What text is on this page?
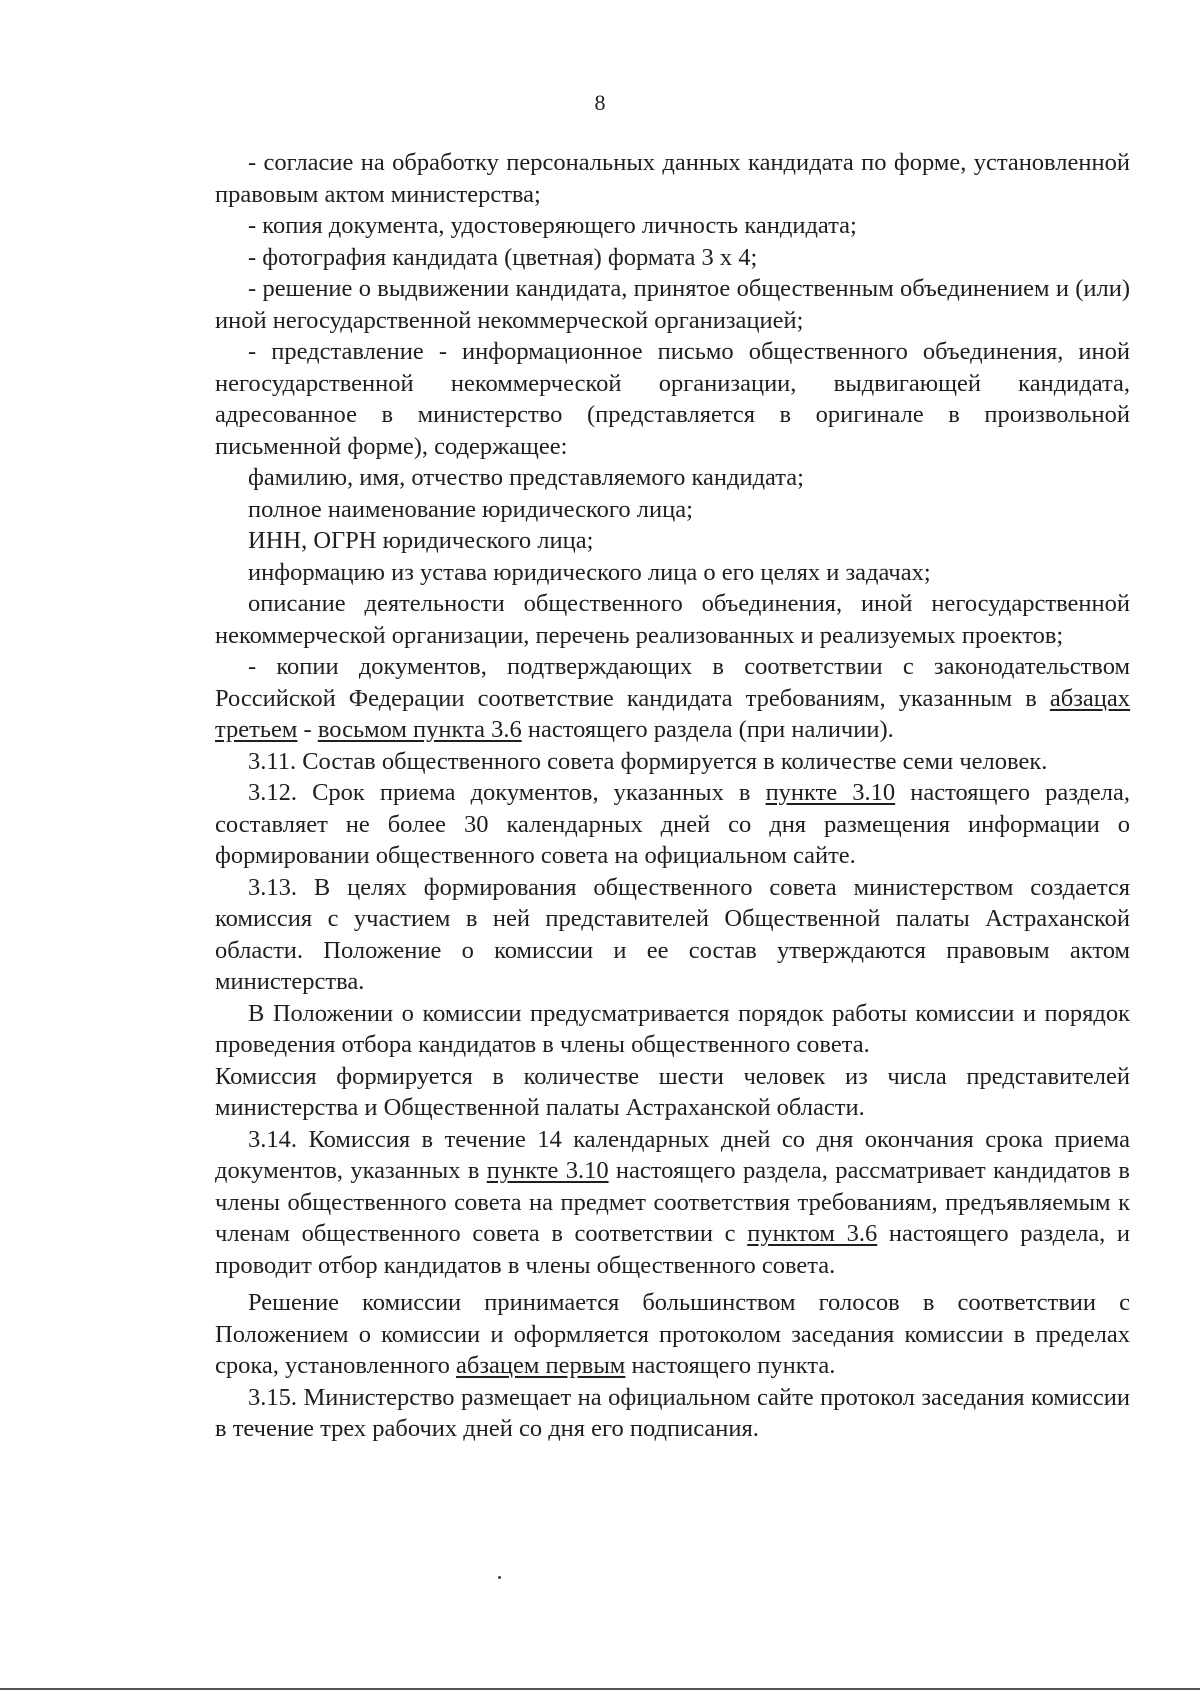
8

- согласие на обработку персональных данных кандидата по форме, установленной правовым актом министерства;

- копия документа, удостоверяющего личность кандидата;

- фотография кандидата (цветная) формата 3 х 4;

- решение о выдвижении кандидата, принятое общественным объединением и (или) иной негосударственной некоммерческой организацией;

- представление - информационное письмо общественного объединения, иной негосударственной некоммерческой организации, выдвигающей кандидата, адресованное в министерство (представляется в оригинале в произвольной письменной форме), содержащее:

фамилию, имя, отчество представляемого кандидата;

полное наименование юридического лица;

ИНН, ОГРН юридического лица;

информацию из устава юридического лица о его целях и задачах;

описание деятельности общественного объединения, иной негосударственной некоммерческой организации, перечень реализованных и реализуемых проектов;

- копии документов, подтверждающих в соответствии с законодательством Российской Федерации соответствие кандидата требованиям, указанным в абзацах третьем - восьмом пункта 3.6 настоящего раздела (при наличии).

3.11. Состав общественного совета формируется в количестве семи человек.

3.12. Срок приема документов, указанных в пункте 3.10 настоящего раздела, составляет не более 30 календарных дней со дня размещения информации о формировании общественного совета на официальном сайте.

3.13. В целях формирования общественного совета министерством создается комиссия с участием в ней представителей Общественной палаты Астраханской области. Положение о комиссии и ее состав утверждаются правовым актом министерства.

В Положении о комиссии предусматривается порядок работы комиссии и порядок проведения отбора кандидатов в члены общественного совета.

Комиссия формируется в количестве шести человек из числа представителей министерства и Общественной палаты Астраханской области.

3.14. Комиссия в течение 14 календарных дней со дня окончания срока приема документов, указанных в пункте 3.10 настоящего раздела, рассматривает кандидатов в члены общественного совета на предмет соответствия требованиям, предъявляемым к членам общественного совета в соответствии с пунктом 3.6 настоящего раздела, и проводит отбор кандидатов в члены общественного совета.

Решение комиссии принимается большинством голосов в соответствии с Положением о комиссии и оформляется протоколом заседания комиссии в пределах срока, установленного абзацем первым настоящего пункта.

3.15. Министерство размещает на официальном сайте протокол заседания комиссии в течение трех рабочих дней со дня его подписания.
